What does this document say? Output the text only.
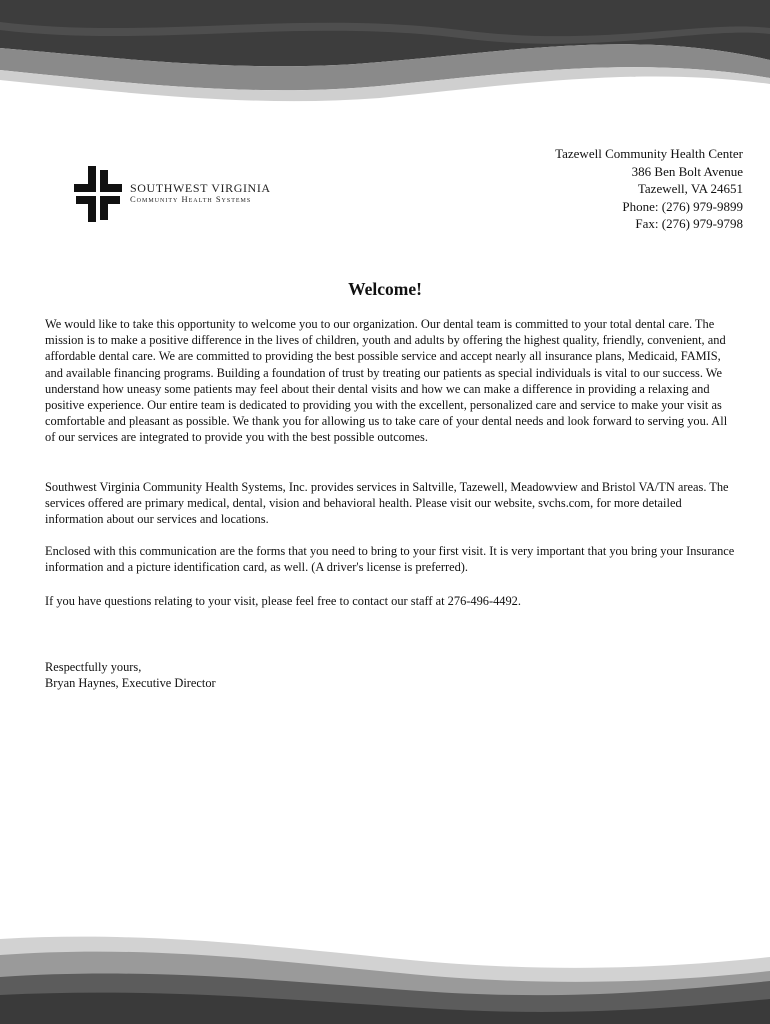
SOUTHWEST VIRGINIA
Community Health Systems
Tazewell Community Health Center
386 Ben Bolt Avenue
Tazewell, VA 24651
Phone: (276) 979-9899
Fax: (276) 979-9798
Welcome!

We would like to take this opportunity to welcome you to our organization. Our dental team is committed to your total dental care. The mission is to make a positive difference in the lives of children, youth and adults by offering the highest quality, friendly, convenient, and affordable dental care. We are committed to providing the best possible service and accept nearly all insurance plans, Medicaid, FAMIS, and available financing programs. Building a foundation of trust by treating our patients as special individuals is vital to our success. We understand how uneasy some patients may feel about their dental visits and how we can make a difference in providing a relaxing and positive experience. Our entire team is dedicated to providing you with the excellent, personalized care and service to make your visit as comfortable and pleasant as possible. We thank you for allowing us to take care of your dental needs and look forward to serving you. All of our services are integrated to provide you with the best possible outcomes.

Southwest Virginia Community Health Systems, Inc. provides services in Saltville, Tazewell, Meadowview and Bristol VA/TN areas. The services offered are primary medical, dental, vision and behavioral health. Please visit our website, svchs.com, for more detailed information about our services and locations.

Enclosed with this communication are the forms that you need to bring to your first visit. It is very important that you bring your Insurance information and a picture identification card, as well. (A driver's license is preferred).

If you have questions relating to your visit, please feel free to contact our staff at 276-496-4492.

Respectfully yours,
Bryan Haynes, Executive Director
